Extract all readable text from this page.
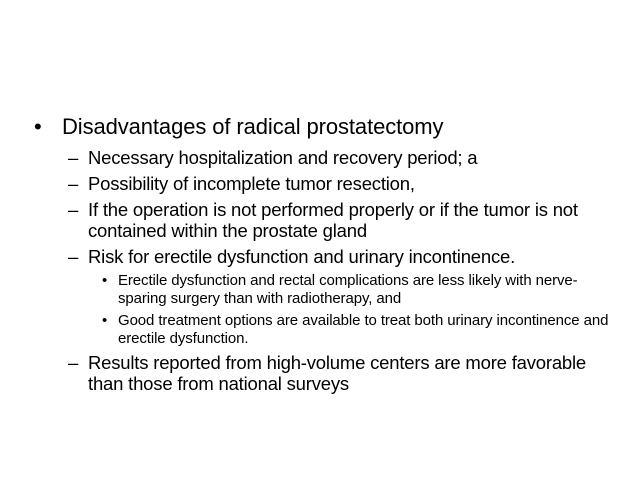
• Disadvantages of radical prostatectomy
– Necessary hospitalization and recovery period; a
– Possibility of incomplete tumor resection,
– If the operation is not performed properly or if the tumor is not contained within the prostate gland
– Risk for erectile dysfunction and urinary incontinence.
• Erectile dysfunction and rectal complications are less likely with nerve-sparing surgery than with radiotherapy, and
• Good treatment options are available to treat both urinary incontinence and erectile dysfunction.
– Results reported from high-volume centers are more favorable than those from national surveys
